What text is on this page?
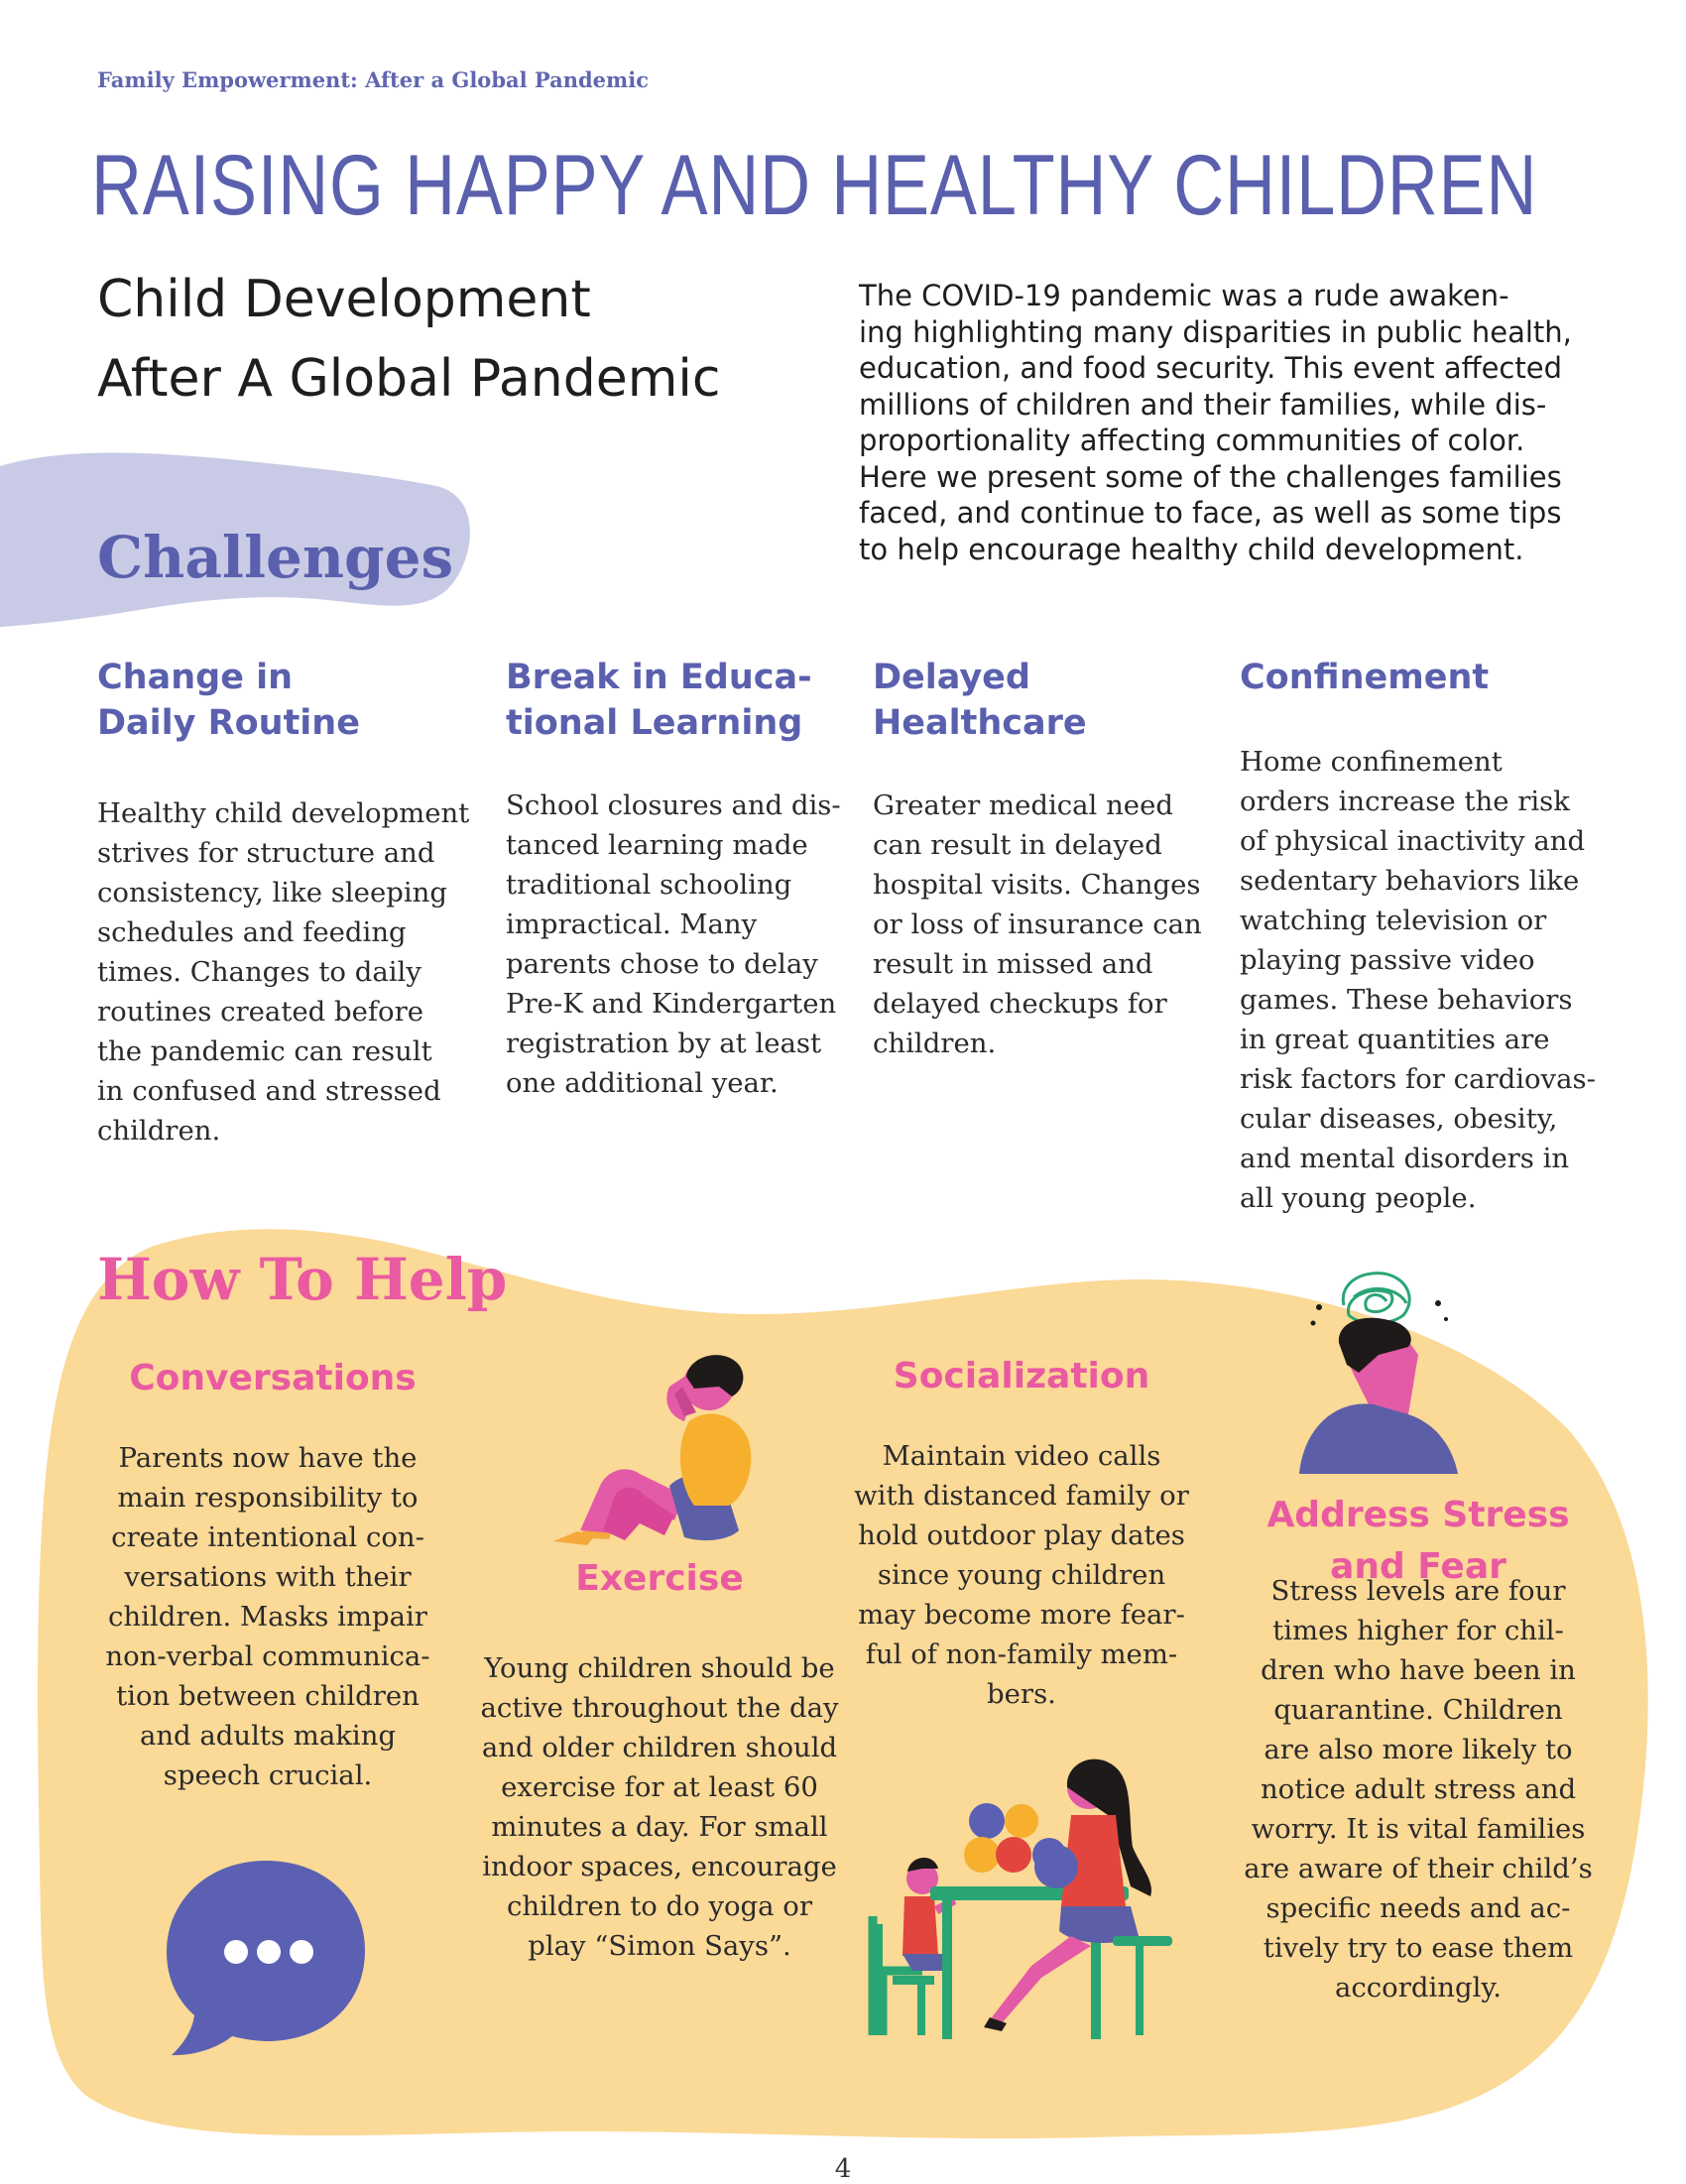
Family Empowerment: After a Global Pandemic
RAISING HAPPY AND HEALTHY CHILDREN
Child Development
After A Global Pandemic
The COVID-19 pandemic was a rude awaken-
ing highlighting many disparities in public health,
education, and food security. This event affected
millions of children and their families, while dis-
proportionality affecting communities of color.
Here we present some of the challenges families
faced, and continue to face, as well as some tips
to help encourage healthy child development.
Challenges
Change in
Daily Routine
Healthy child development
strives for structure and
consistency, like sleeping
schedules and feeding
times. Changes to daily
routines created before
the pandemic can result
in confused and stressed
children.
Break in Educa-
tional Learning
School closures and dis-
tanced learning made
traditional schooling
impractical. Many
parents chose to delay
Pre-K and Kindergarten
registration by at least
one additional year.
Delayed
Healthcare
Greater medical need
can result in delayed
hospital visits. Changes
or loss of insurance can
result in missed and
delayed checkups for
children.
Confinement
Home confinement
orders increase the risk
of physical inactivity and
sedentary behaviors like
watching television or
playing passive video
games. These behaviors
in great quantities are
risk factors for cardiovas-
cular diseases, obesity,
and mental disorders in
all young people.
How To Help
Conversations
Parents now have the
main responsibility to
create intentional con-
versations with their
children. Masks impair
non-verbal communica-
tion between children
and adults making
speech crucial.
Exercise
Young children should be
active throughout the day
and older children should
exercise for at least 60
minutes a day. For small
indoor spaces, encourage
children to do yoga or
play “Simon Says”.
Socialization
Maintain video calls
with distanced family or
hold outdoor play dates
since young children
may become more fear-
ful of non-family mem-
bers.
Address Stress
and Fear
Stress levels are four
times higher for chil-
dren who have been in
quarantine. Children
are also more likely to
notice adult stress and
worry. It is vital families
are aware of their child’s
specific needs and ac-
tively try to ease them
accordingly.
4
